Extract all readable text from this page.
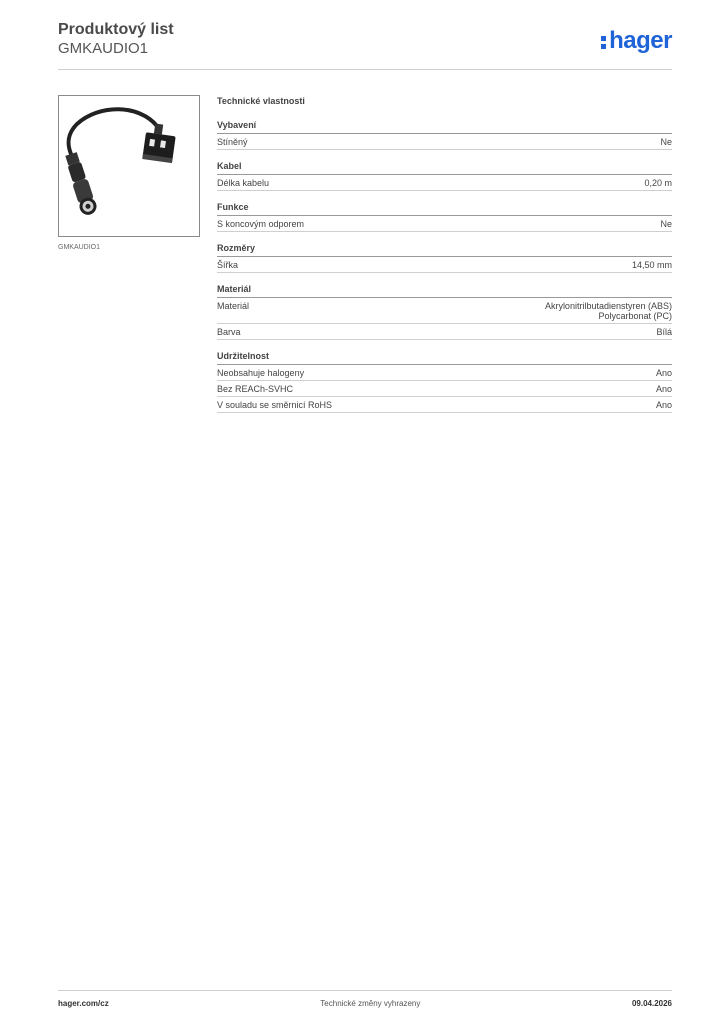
Produktový list
GMKAUDIO1	hager
GMKAUDIO1
Technické vlastnosti
Vybavení
Stíněný	Ne
Kabel
Délka kabelu	0,20 m
Funkce
S koncovým odporem	Ne
Rozměry
Šířka	14,50 mm
Materiál
Materiál	Akrylonitrilbutadienstyren (ABS)
Polycarbonat (PC)
Barva	Bílá
Udržitelnost
Neobsahuje halogeny	Ano
Bez REACh-SVHC	Ano
V souladu se směrnicí RoHS	Ano
hager.com/cz	Technické změny vyhrazeny	09.04.2026
